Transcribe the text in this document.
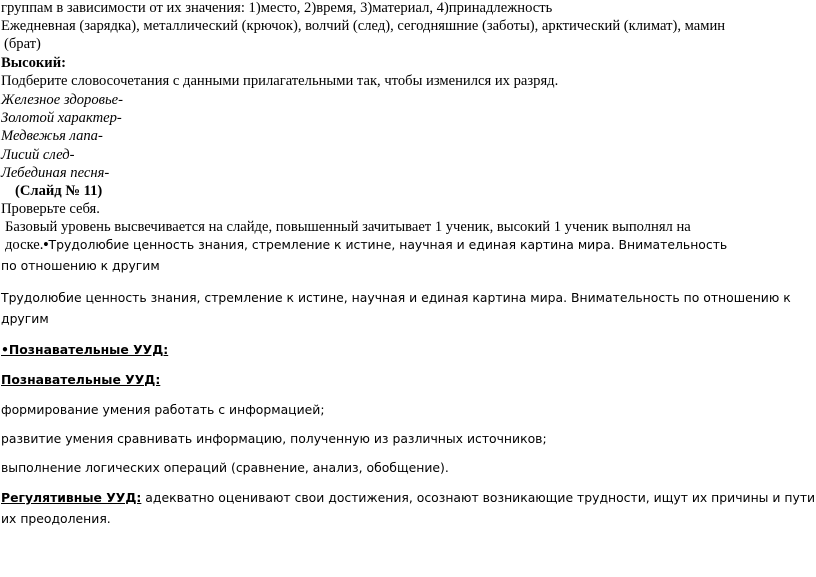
группам в зависимости от их значения: 1)место, 2)время, 3)материал, 4)принадлежность
Ежедневная (зарядка), металлический (крючок), волчий (след), сегодняшние (заботы), арктический (климат), мамин
(брат)
Высокий:
Подберите словосочетания с данными прилагательными так, чтобы изменился их разряд.
Железное здоровье-
Золотой характер-
Медвежья лапа-
Лисий след-
Лебединая песня-
(Слайд № 11)
Проверьте себя.
Базовый уровень высвечивается на слайде, повышенный зачитывает 1 ученик, высокий 1 ученик выполнял на
доске.•Трудолюбие ценность знания, стремление к истине, научная и единая картина мира. Внимательность
по отношению к другим
Трудолюбие ценность знания, стремление к истине, научная и единая картина мира. Внимательность по отношению к
другим
•Познавательные УУД:
Познавательные УУД:
формирование умения работать с информацией;
развитие умения сравнивать информацию, полученную из различных источников;
выполнение логических операций (сравнение, анализ, обобщение).
Регулятивные УУД: адекватно оценивают свои достижения, осознают возникающие трудности, ищут их причины и пути
их преодоления.
